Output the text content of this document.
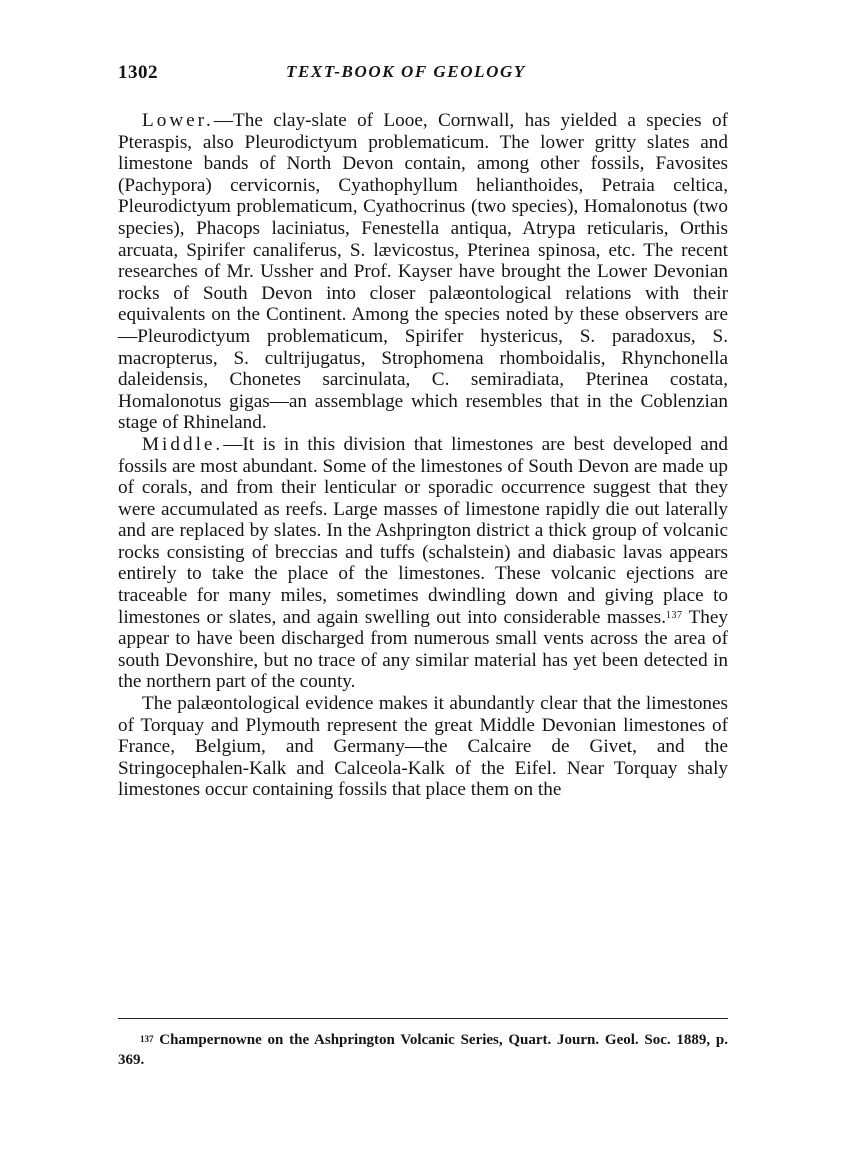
1302	TEXT-BOOK OF GEOLOGY

Lower.—The clay-slate of Looe, Cornwall, has yielded a species of Pteraspis, also Pleurodictyum problematicum. The lower gritty slates and limestone bands of North Devon contain, among other fossils, Favosites (Pachypora) cervicornis, Cyathophyllum helianthoides, Petraia celtica, Pleurodictyum problematicum, Cyathocrinus (two species), Homalonotus (two species), Phacops laciniatus, Fenestella antiqua, Atrypa reticularis, Orthis arcuata, Spirifer canaliferus, S. lævicostus, Pterinea spinosa, etc. The recent researches of Mr. Ussher and Prof. Kayser have brought the Lower Devonian rocks of South Devon into closer palæontological relations with their equivalents on the Continent. Among the species noted by these observers are—Pleurodictyum problematicum, Spirifer hystericus, S. paradoxus, S. macropterus, S. cultrijugatus, Strophomena rhomboidalis, Rhynchonella daleidensis, Chonetes sarcinulata, C. semiradiata, Pterinea costata, Homalonotus gigas—an assemblage which resembles that in the Coblenzian stage of Rhineland.

Middle.—It is in this division that limestones are best developed and fossils are most abundant. Some of the limestones of South Devon are made up of corals, and from their lenticular or sporadic occurrence suggest that they were accumulated as reefs. Large masses of limestone rapidly die out laterally and are replaced by slates. In the Ashprington district a thick group of volcanic rocks consisting of breccias and tuffs (schalstein) and diabasic lavas appears entirely to take the place of the limestones. These volcanic ejections are traceable for many miles, sometimes dwindling down and giving place to limestones or slates, and again swelling out into considerable masses.$^{137}$ They appear to have been discharged from numerous small vents across the area of south Devonshire, but no trace of any similar material has yet been detected in the northern part of the county.

The palæontological evidence makes it abundantly clear that the limestones of Torquay and Plymouth represent the great Middle Devonian limestones of France, Belgium, and Germany—the Calcaire de Givet, and the Stringocephalen-Kalk and Calceola-Kalk of the Eifel. Near Torquay shaly limestones occur containing fossils that place them on the

$^{137}$ Champernowne on the Ashprington Volcanic Series, Quart. Journ. Geol. Soc. 1889, p. 369.
